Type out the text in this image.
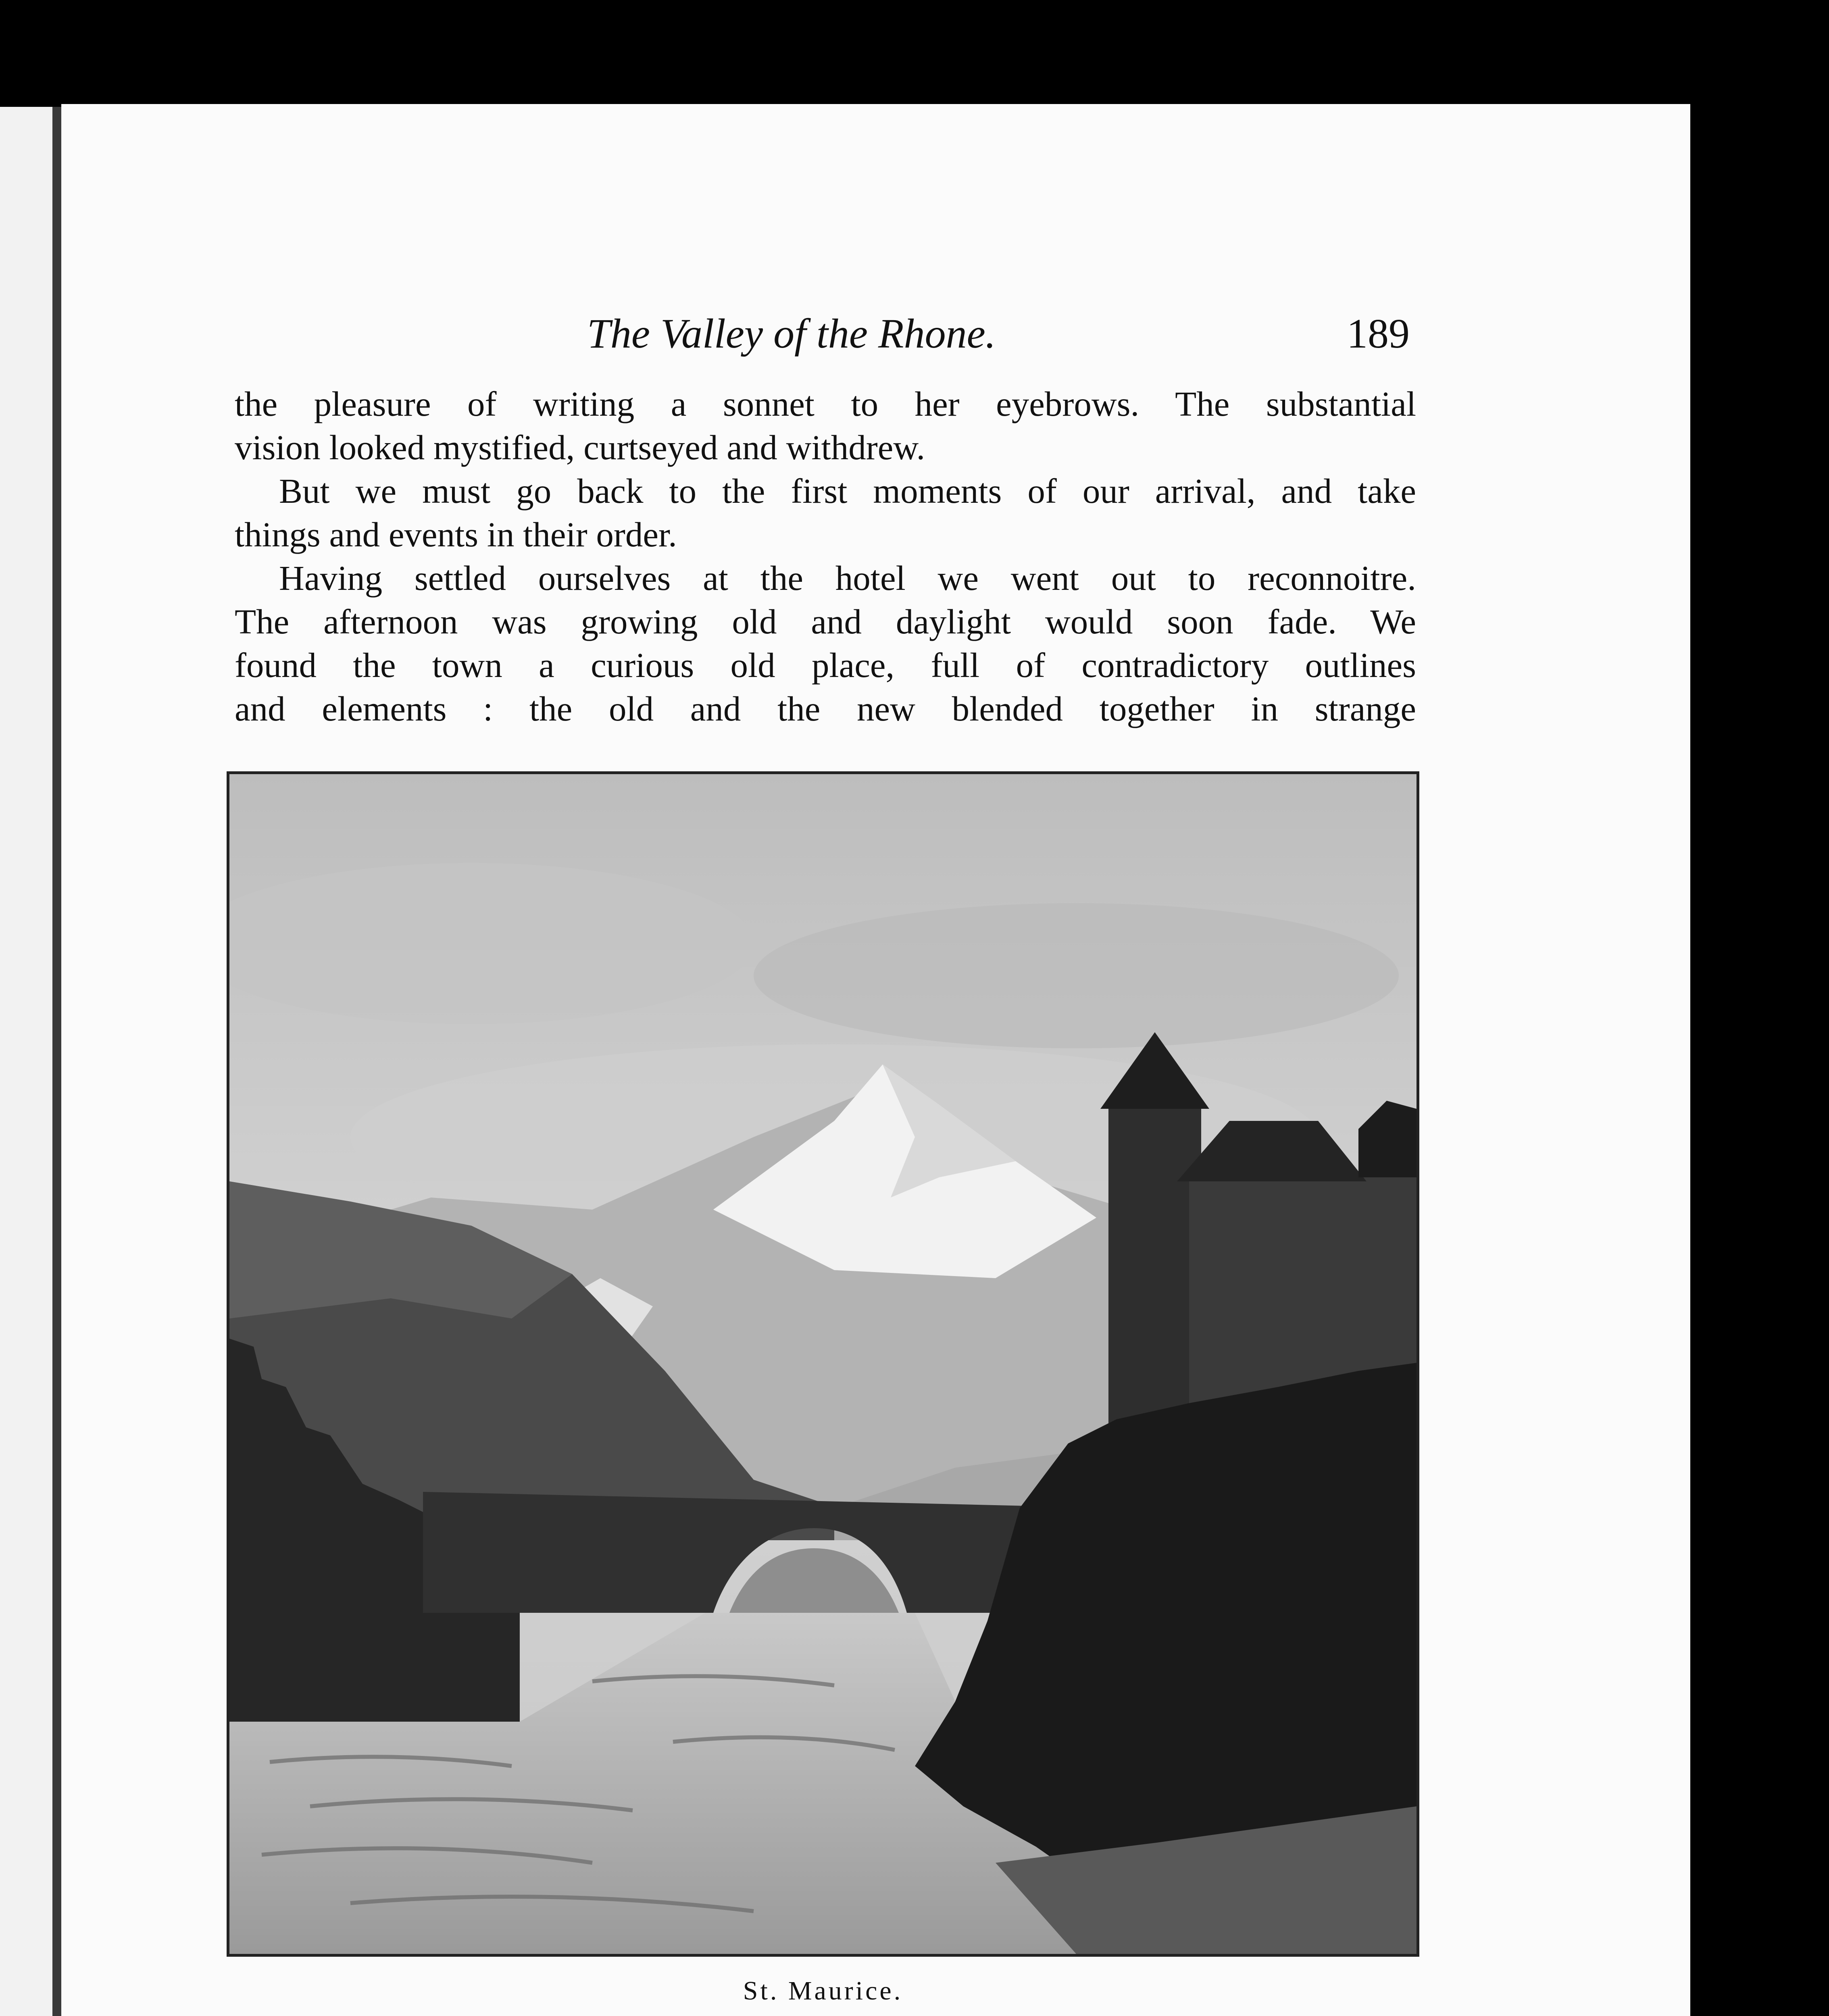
The Valley of the Rhone.	189
the pleasure of writing a sonnet to her eyebrows. The substantial
vision looked mystified, curtseyed and withdrew.
But we must go back to the first moments of our arrival, and take
things and events in their order.
Having settled ourselves at the hotel we went out to reconnoitre.
The afternoon was growing old and daylight would soon fade. We
found the town a curious old place, full of contradictory outlines
and elements : the old and the new blended together in strange
St. Maurice.
